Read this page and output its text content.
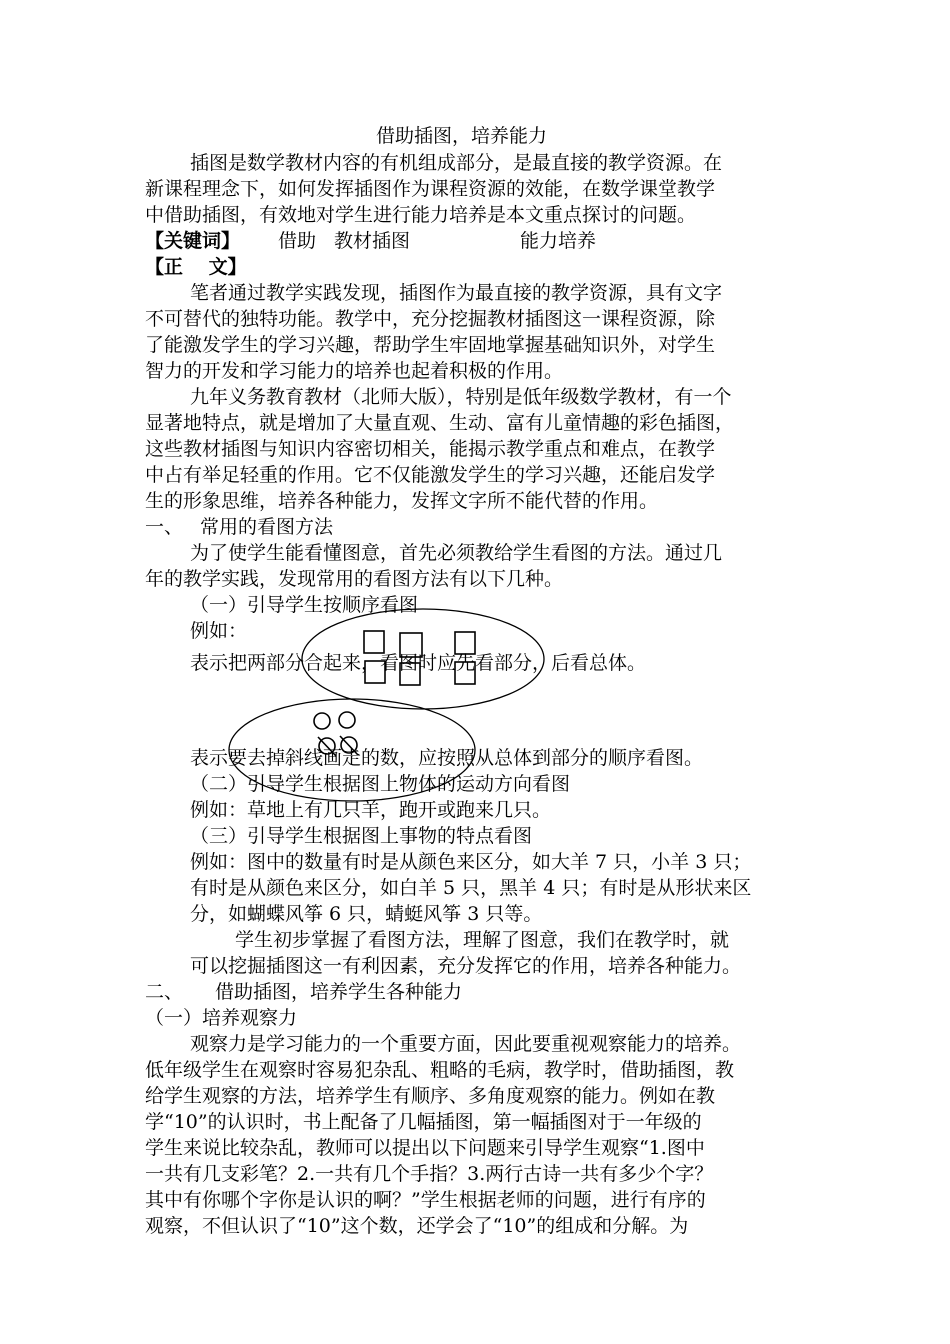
借助插图，培养能力
插图是数学教材内容的有机组成部分，是最直接的教学资源。在
新课程理念下，如何发挥插图作为课程资源的效能，在数学课堂教学
中借助插图，有效地对学生进行能力培养是本文重点探讨的问题。
【关键词】 借助 教材插图	能力培养
【正　 文】
笔者通过教学实践发现，插图作为最直接的教学资源，具有文字
不可替代的独特功能。教学中，充分挖掘教材插图这一课程资源，除
了能激发学生的学习兴趣，帮助学生牢固地掌握基础知识外，对学生
智力的开发和学习能力的培养也起着积极的作用。
九年义务教育教材（北师大版），特别是低年级数学教材，有一个
显著地特点，就是增加了大量直观、生动、富有儿童情趣的彩色插图，
这些教材插图与知识内容密切相关，能揭示教学重点和难点，在教学
中占有举足轻重的作用。它不仅能激发学生的学习兴趣，还能启发学
生的形象思维，培养各种能力，发挥文字所不能代替的作用。
一、 常用的看图方法
为了使学生能看懂图意，首先必须教给学生看图的方法。通过几
年的教学实践，发现常用的看图方法有以下几种。
（一）引导学生按顺序看图
例如：
表示把两部分合起来，看图时应先看部分，后看总体。
表示要去掉斜线画走的数，应按照从总体到部分的顺序看图。
（二）引导学生根据图上物体的运动方向看图
例如：草地上有几只羊，跑开或跑来几只。
（三）引导学生根据图上事物的特点看图
例如：图中的数量有时是从颜色来区分，如大羊 7 只，小羊 3 只；
有时是从颜色来区分，如白羊 5 只，黑羊 4 只；有时是从形状来区
分，如蝴蝶风筝 6 只，蜻蜓风筝 3 只等。
学生初步掌握了看图方法，理解了图意，我们在教学时，就
可以挖掘插图这一有利因素，充分发挥它的作用，培养各种能力。
二、 借助插图，培养学生各种能力
（一）培养观察力
观察力是学习能力的一个重要方面，因此要重视观察能力的培养。
低年级学生在观察时容易犯杂乱、粗略的毛病，教学时，借助插图，教
给学生观察的方法，培养学生有顺序、多角度观察的能力。例如在教
学“10”的认识时，书上配备了几幅插图，第一幅插图对于一年级的
学生来说比较杂乱，教师可以提出以下问题来引导学生观察“1.图中
一共有几支彩笔？2.一共有几个手指？3.两行古诗一共有多少个字？
其中有你哪个字你是认识的啊？”学生根据老师的问题，进行有序的
观察，不但认识了“10”这个数，还学会了“10”的组成和分解。为
